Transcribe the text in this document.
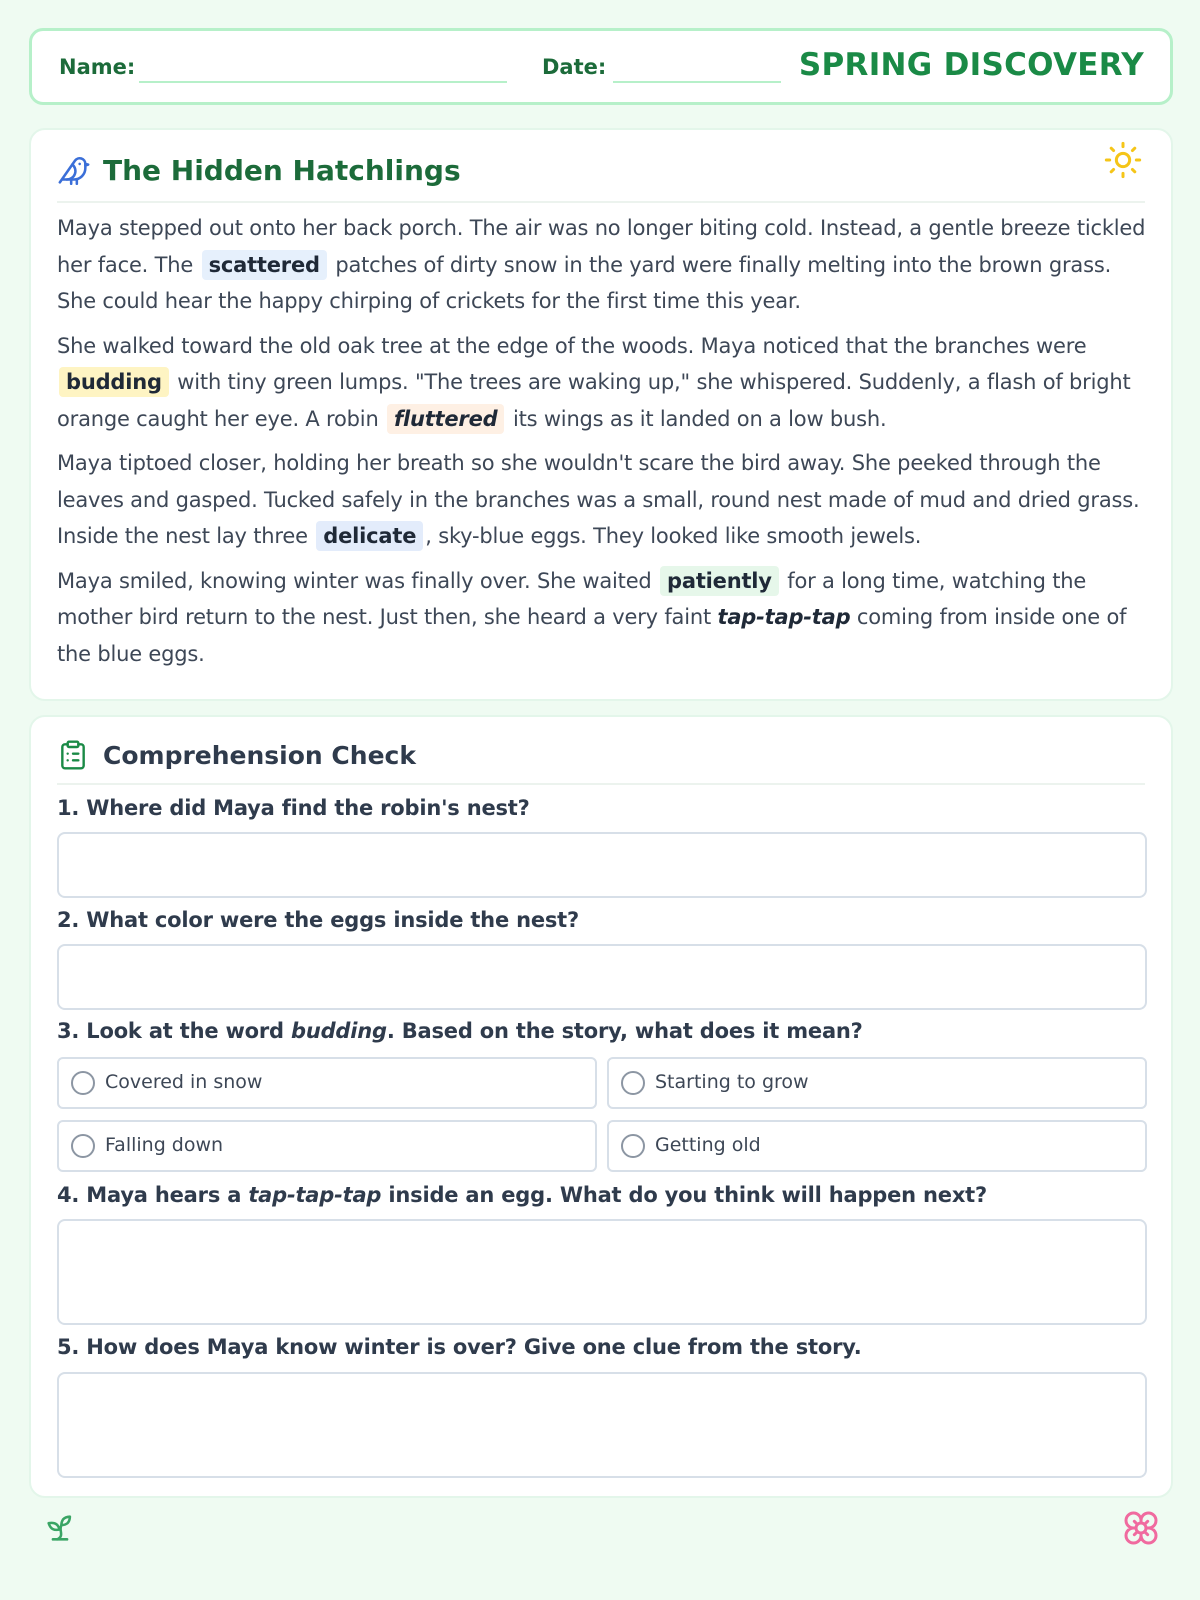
Name:	Date:	SPRING DISCOVERY
The Hidden Hatchlings

Maya stepped out onto her back porch. The air was no longer biting cold. Instead, a gentle breeze tickled her face. The scattered patches of dirty snow in the yard were finally melting into the brown grass. She could hear the happy chirping of crickets for the first time this year.

She walked toward the old oak tree at the edge of the woods. Maya noticed that the branches were budding with tiny green lumps. "The trees are waking up," she whispered. Suddenly, a flash of bright orange caught her eye. A robin fluttered its wings as it landed on a low bush.

Maya tiptoed closer, holding her breath so she wouldn't scare the bird away. She peeked through the leaves and gasped. Tucked safely in the branches was a small, round nest made of mud and dried grass. Inside the nest lay three delicate , sky-blue eggs. They looked like smooth jewels.

Maya smiled, knowing winter was finally over. She waited patiently for a long time, watching the mother bird return to the nest. Just then, she heard a very faint tap-tap-tap coming from inside one of the blue eggs.

Comprehension Check
1. Where did Maya find the robin's nest?
2. What color were the eggs inside the nest?
3. Look at the word budding. Based on the story, what does it mean?
Covered in snow	Starting to grow
Falling down	Getting old
4. Maya hears a tap-tap-tap inside an egg. What do you think will happen next?
5. How does Maya know winter is over? Give one clue from the story.
